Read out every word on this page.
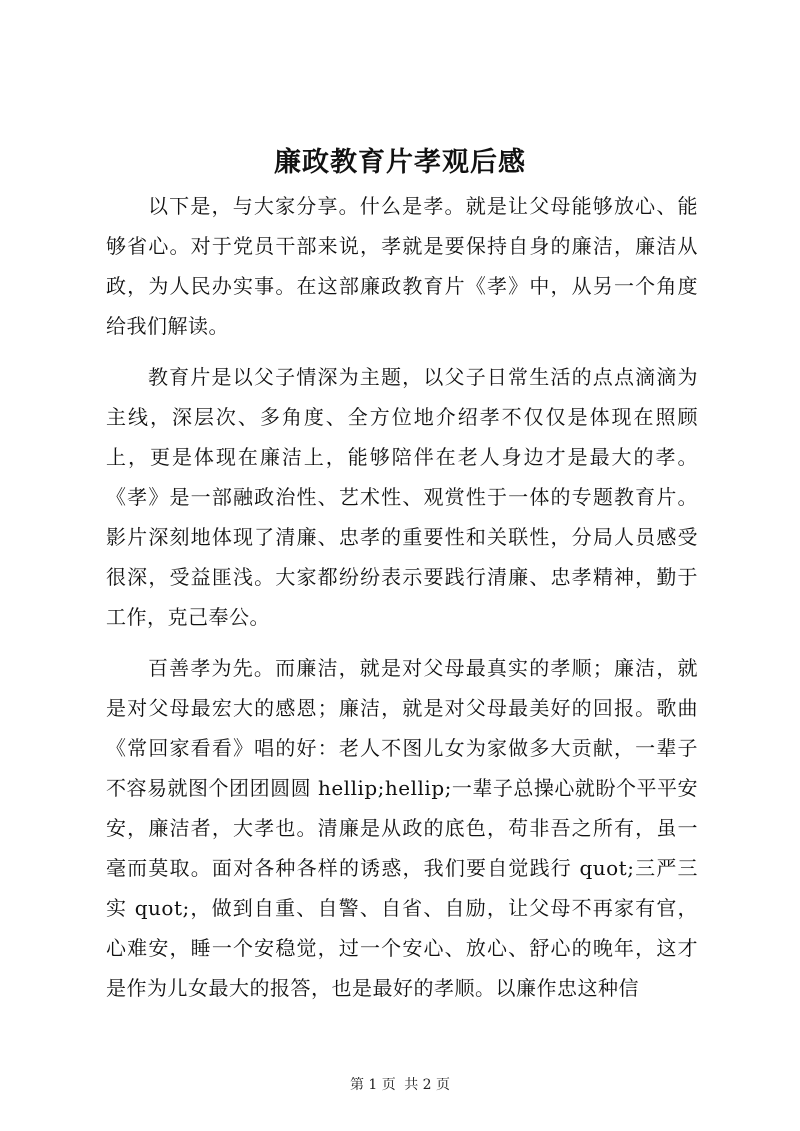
廉政教育片孝观后感

以下是，与大家分享。什么是孝。就是让父母能够放心、能够省心。对于党员干部来说，孝就是要保持自身的廉洁，廉洁从政，为人民办实事。在这部廉政教育片《孝》中，从另一个角度给我们解读。

教育片是以父子情深为主题，以父子日常生活的点点滴滴为主线，深层次、多角度、全方位地介绍孝不仅仅是体现在照顾上，更是体现在廉洁上，能够陪伴在老人身边才是最大的孝。《孝》是一部融政治性、艺术性、观赏性于一体的专题教育片。影片深刻地体现了清廉、忠孝的重要性和关联性，分局人员感受很深，受益匪浅。大家都纷纷表示要践行清廉、忠孝精神，勤于工作，克己奉公。

百善孝为先。而廉洁，就是对父母最真实的孝顺；廉洁，就是对父母最宏大的感恩；廉洁，就是对父母最美好的回报。歌曲《常回家看看》唱的好：老人不图儿女为家做多大贡献，一辈子不容易就图个团团圆圆 hellip;hellip;一辈子总操心就盼个平平安安，廉洁者，大孝也。清廉是从政的底色，苟非吾之所有，虽一毫而莫取。面对各种各样的诱惑，我们要自觉践行 quot;三严三实 quot;，做到自重、自警、自省、自励，让父母不再家有官，心难安，睡一个安稳觉，过一个安心、放心、舒心的晚年，这才是作为儿女最大的报答，也是最好的孝顺。以廉作忠这种信

第 1 页 共 2 页
